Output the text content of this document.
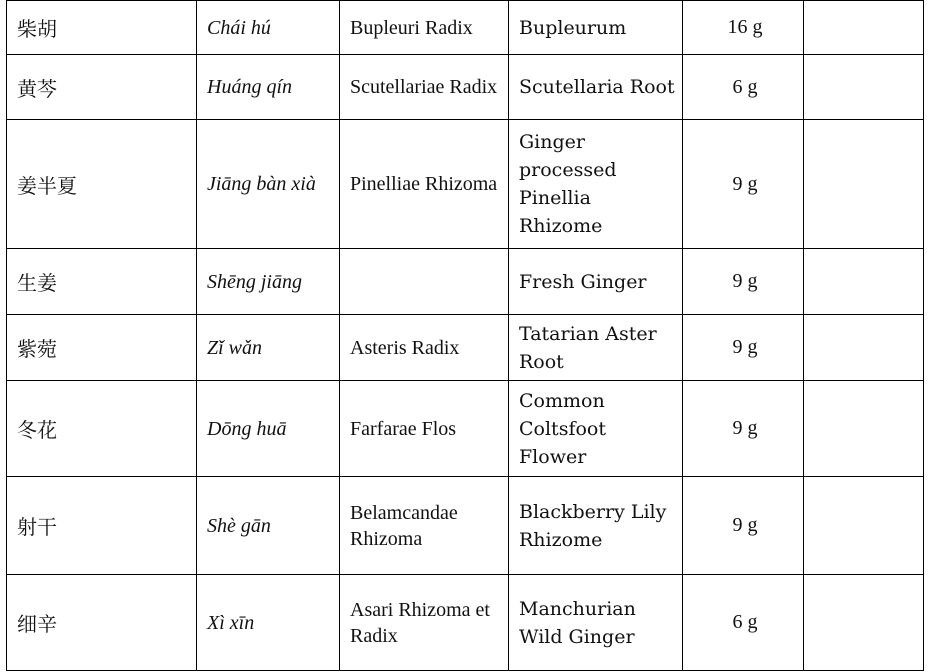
柴胡	Chái hú	Bupleuri Radix	Bupleurum	16 g	
黄芩	Huáng qín	Scutellariae Radix	Scutellaria Root	6 g	
姜半夏	Jiāng bàn xià	Pinelliae Rhizoma	Ginger processed Pinellia Rhizome	9 g	
生姜	Shēng jiāng		Fresh Ginger	9 g	
紫菀	Zǐ wǎn	Asteris Radix	Tatarian Aster Root	9 g	
冬花	Dōng huā	Farfarae Flos	Common Coltsfoot Flower	9 g	
射干	Shè gān	Belamcandae Rhizoma	Blackberry Lily Rhizome	9 g	
细辛	Xì xīn	Asari Rhizoma et Radix	Manchurian Wild Ginger	6 g	
